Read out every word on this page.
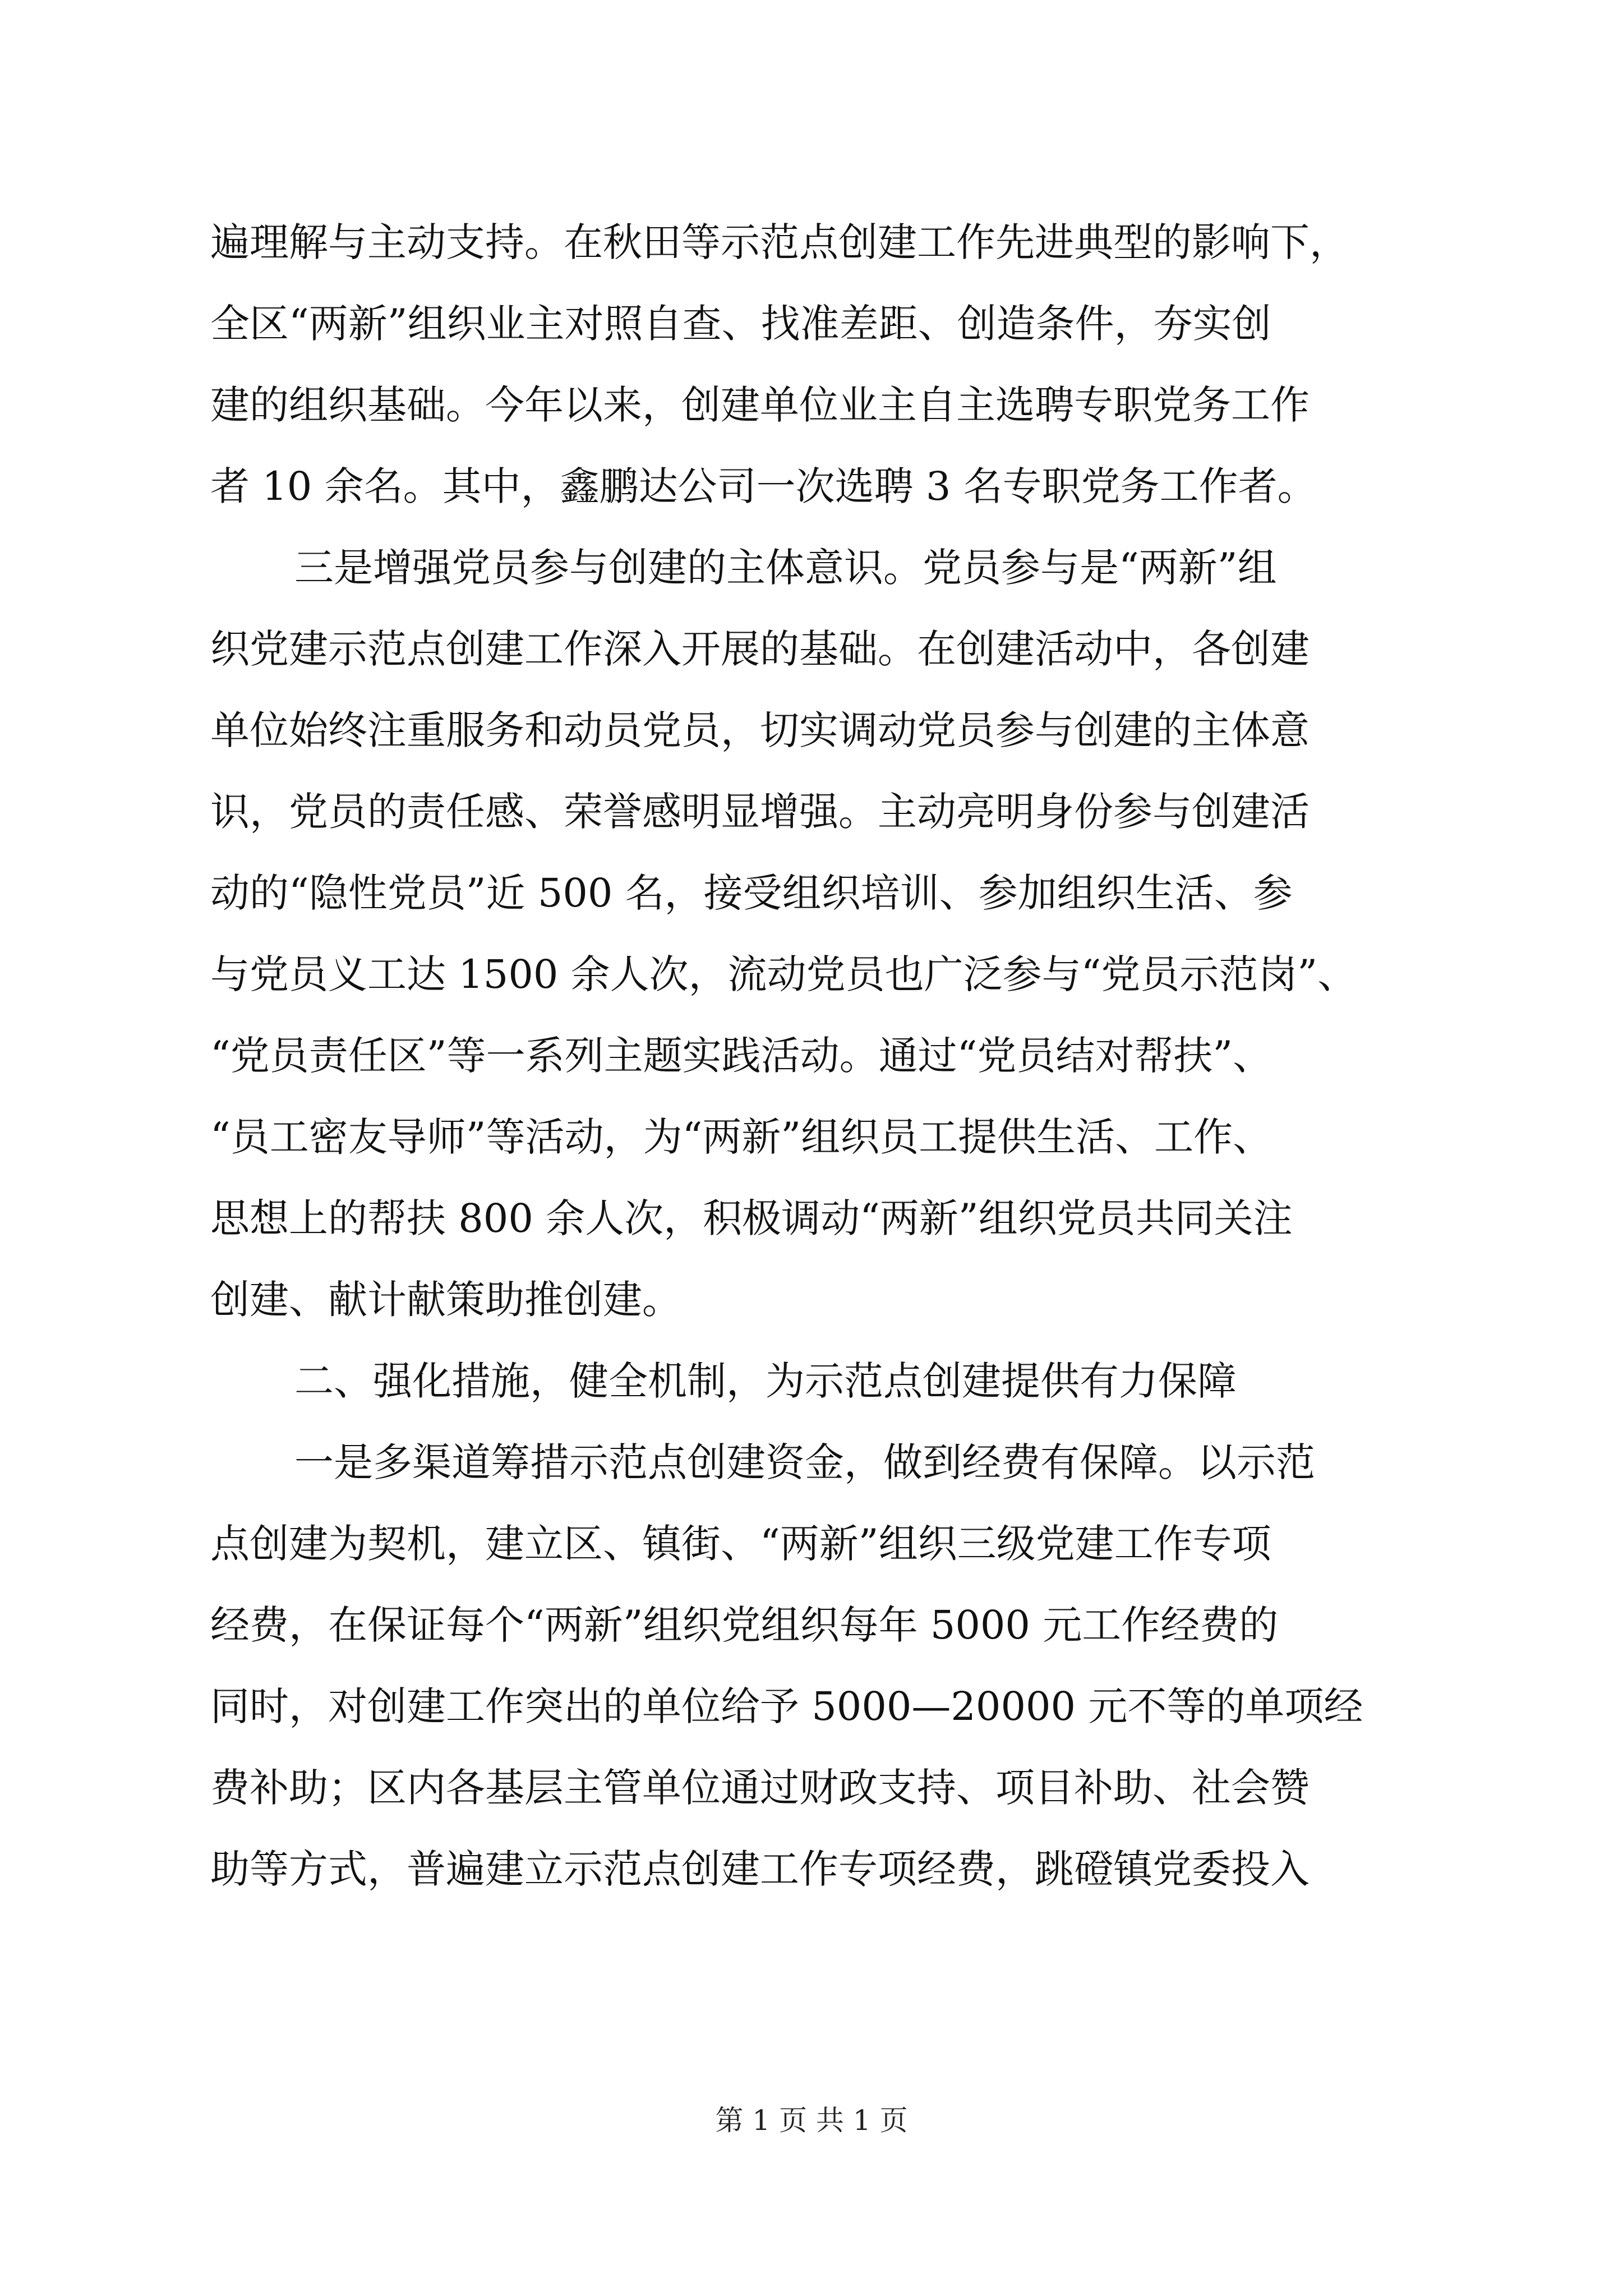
遍理解与主动支持。在秋田等示范点创建工作先进典型的影响下，
全区“两新”组织业主对照自查、找准差距、创造条件，夯实创
建的组织基础。今年以来，创建单位业主自主选聘专职党务工作
者 10 余名。其中，鑫鹏达公司一次选聘 3 名专职党务工作者。
三是增强党员参与创建的主体意识。党员参与是“两新”组
织党建示范点创建工作深入开展的基础。在创建活动中，各创建
单位始终注重服务和动员党员，切实调动党员参与创建的主体意
识，党员的责任感、荣誉感明显增强。主动亮明身份参与创建活
动的“隐性党员”近 500 名，接受组织培训、参加组织生活、参
与党员义工达 1500 余人次，流动党员也广泛参与“党员示范岗”、
“党员责任区”等一系列主题实践活动。通过“党员结对帮扶”、
“员工密友导师”等活动，为“两新”组织员工提供生活、工作、
思想上的帮扶 800 余人次，积极调动“两新”组织党员共同关注
创建、献计献策助推创建。
二、强化措施，健全机制，为示范点创建提供有力保障
一是多渠道筹措示范点创建资金，做到经费有保障。以示范
点创建为契机，建立区、镇街、“两新”组织三级党建工作专项
经费，在保证每个“两新”组织党组织每年 5000 元工作经费的
同时，对创建工作突出的单位给予 5000—20000 元不等的单项经
费补助；区内各基层主管单位通过财政支持、项目补助、社会赞
助等方式，普遍建立示范点创建工作专项经费，跳磴镇党委投入
第 1 页 共 1 页
